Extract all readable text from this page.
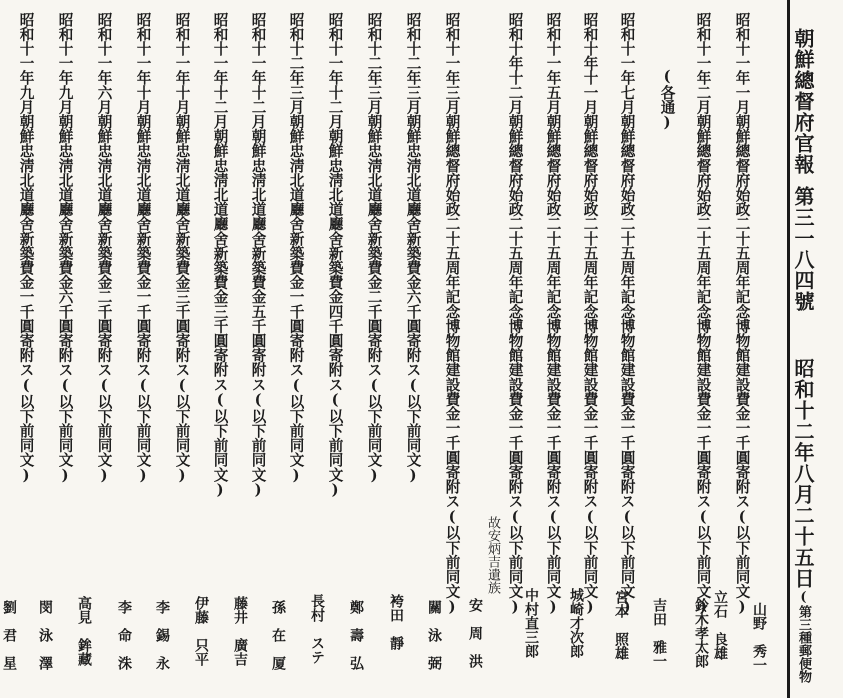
朝鮮總督府官報
第三一八四號
昭和十二年八月二十五日
(第三種郵便物
(各通)	昭和十一年一月朝鮮總督府始政二十五周年記念博物館建設費金一千圓寄附ス(以下前同文)
昭和十一年二月朝鮮總督府始政二十五周年記念博物館建設費金一千圓寄附ス(以下前同文)
昭和十一年七月朝鮮總督府始政二十五周年記念博物館建設費金一千圓寄附ス(以下前同文)
昭和十年十一月朝鮮總督府始政二十五周年記念博物館建設費金一千圓寄附ス(以下前同文)
昭和十一年五月朝鮮總督府始政二十五周年記念博物館建設費金一千圓寄附ス(以下前同文)
昭和十年十二月朝鮮總督府始政二十五周年記念博物館建設費金一千圓寄附ス(以下前同文)
昭和十一年三月朝鮮總督府始政二十五周年記念博物館建設費金一千圓寄附ス(以下前同文)
昭和十二年三月朝鮮忠淸北道廳舍新築費金六千圓寄附ス(以下前同文)
昭和十二年三月朝鮮忠淸北道廳舍新築費金二千圓寄附ス(以下前同文)
昭和十一年十二月朝鮮忠淸北道廳舍新築費金四千圓寄附ス(以下前同文)
昭和十二年三月朝鮮忠淸北道廳舍新築費金一千圓寄附ス(以下前同文)
昭和十一年十二月朝鮮忠淸北道廳舍新築費金五千圓寄附ス(以下前同文)
昭和十一年十二月朝鮮忠淸北道廳舍新築費金三千圓寄附ス(以下前同文)
昭和十一年十月朝鮮忠淸北道廳舍新築費金三千圓寄附ス(以下前同文)
昭和十一年十月朝鮮忠淸北道廳舍新築費金一千圓寄附ス(以下前同文)
昭和十一年六月朝鮮忠淸北道廳舍新築費金二千圓寄附ス(以下前同文)
昭和十一年九月朝鮮忠淸北道廳舍新築費金六千圓寄附ス(以下前同文)
昭和十一年九月朝鮮忠淸北道廳舍新築費金一千圓寄附ス(以下前同文)
山野　秀一
立石　良雄
鈴木孝太郎
吉田　雅一
宮本　照雄
城崎才次郎
中村直三郎
安　周　洪
關　泳　弼
袴田　靜
鄭　壽　弘
長村　ステ
孫　在　厦
藤井　廣吉
伊藤　只平
李　錫　永
李　命　洙
高見　鉾藏
閔　泳　澤
劉　君　星
故安炳吉遺族
